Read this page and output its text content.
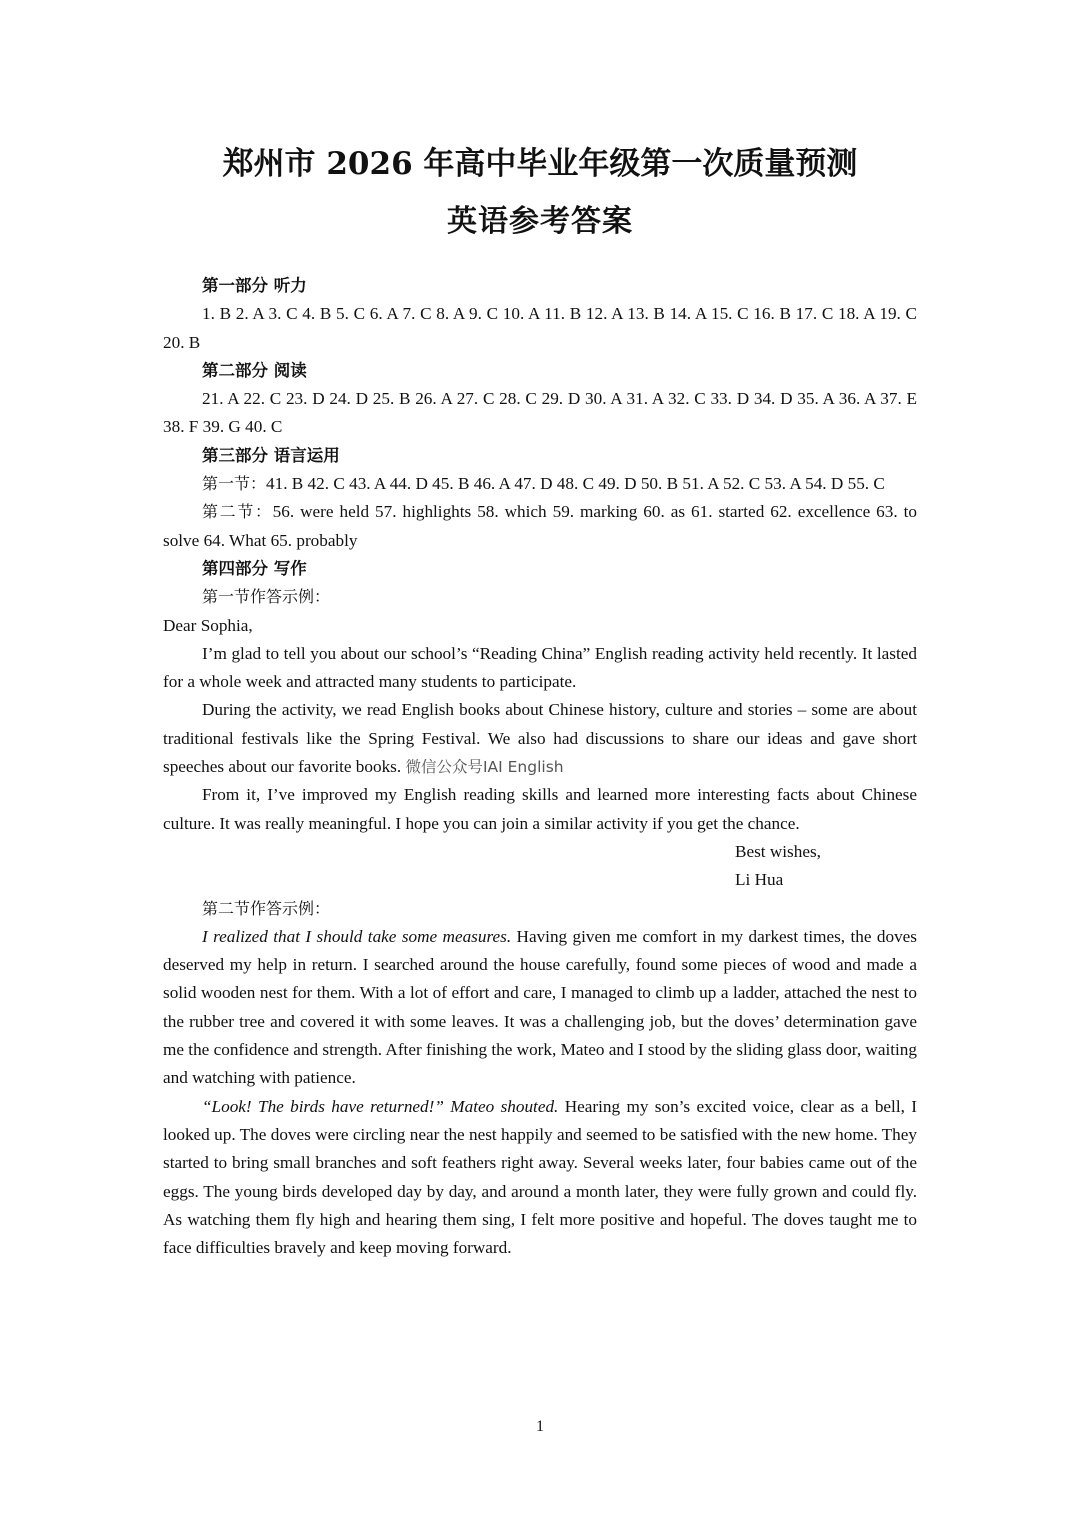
郑州市 2026 年高中毕业年级第一次质量预测
英语参考答案

第一部分 听力

1. B 2. A 3. C 4. B 5. C 6. A 7. C 8. A 9. C 10. A 11. B 12. A 13. B 14. A 15. C 16. B 17. C 18. A 19. C 20. B

第二部分 阅读

21. A 22. C 23. D 24. D 25. B 26. A 27. C 28. C 29. D 30. A 31. A 32. C 33. D 34. D 35. A 36. A 37. E 38. F 39. G 40. C

第三部分 语言运用

第一节：41. B 42. C 43. A 44. D 45. B 46. A 47. D 48. C 49. D 50. B 51. A 52. C 53. A 54. D 55. C

第二节：56. were held 57. highlights 58. which 59. marking 60. as 61. started 62. excellence 63. to solve 64. What 65. probably

第四部分 写作

第一节作答示例：

Dear Sophia,

I’m glad to tell you about our school’s “Reading China” English reading activity held recently. It lasted for a whole week and attracted many students to participate.

During the activity, we read English books about Chinese history, culture and stories – some are about traditional festivals like the Spring Festival. We also had discussions to share our ideas and gave short speeches about our favorite books. 微信公众号IAI English

From it, I’ve improved my English reading skills and learned more interesting facts about Chinese culture. It was really meaningful. I hope you can join a similar activity if you get the chance.

Best wishes,

Li Hua

第二节作答示例：

I realized that I should take some measures. Having given me comfort in my darkest times, the doves deserved my help in return. I searched around the house carefully, found some pieces of wood and made a solid wooden nest for them. With a lot of effort and care, I managed to climb up a ladder, attached the nest to the rubber tree and covered it with some leaves. It was a challenging job, but the doves’ determination gave me the confidence and strength. After finishing the work, Mateo and I stood by the sliding glass door, waiting and watching with patience.

“Look! The birds have returned!” Mateo shouted. Hearing my son’s excited voice, clear as a bell, I looked up. The doves were circling near the nest happily and seemed to be satisfied with the new home. They started to bring small branches and soft feathers right away. Several weeks later, four babies came out of the eggs. The young birds developed day by day, and around a month later, they were fully grown and could fly. As watching them fly high and hearing them sing, I felt more positive and hopeful. The doves taught me to face difficulties bravely and keep moving forward.

1
